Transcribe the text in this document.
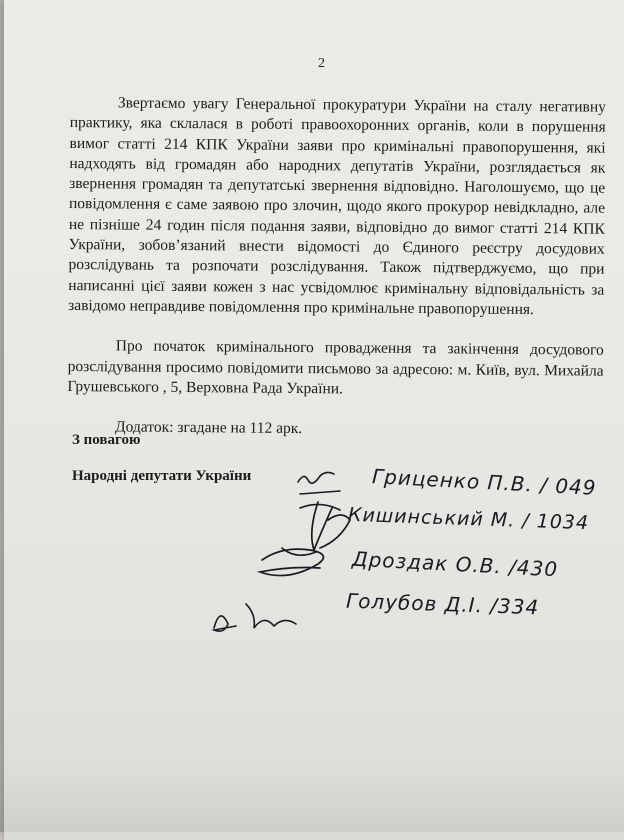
2

Звертаємо увагу Генеральної прокуратури України на сталу негативну практику, яка склалася в роботі правоохоронних органів, коли в порушення вимог статті 214 КПК України заяви про кримінальні правопорушення, які надходять від громадян або народних депутатів України, розглядається як звернення громадян та депутатські звернення відповідно. Наголошуємо, що це повідомлення є саме заявою про злочин, щодо якого прокурор невідкладно, але не пізніше 24 годин після подання заяви, відповідно до вимог статті 214 КПК України, зобов’язаний внести відомості до Єдиного реєстру досудових розслідувань та розпочати розслідування. Також підтверджуємо, що при написанні цієї заяви кожен з нас усвідомлює кримінальну відповідальність за завідомо неправдиве повідомлення про кримінальне правопорушення.

Про початок кримінального провадження та закінчення досудового розслідування просимо повідомити письмово за адресою: м. Київ, вул. Михайла Грушевського , 5, Верховна Рада України.

Додаток: згадане на 112 арк.

З повагою
Народні депутати України	Гриценко П.В. / 049
Кишинський М. / 1034
Дроздак О.В. /430
Голубов Д.І. /334
